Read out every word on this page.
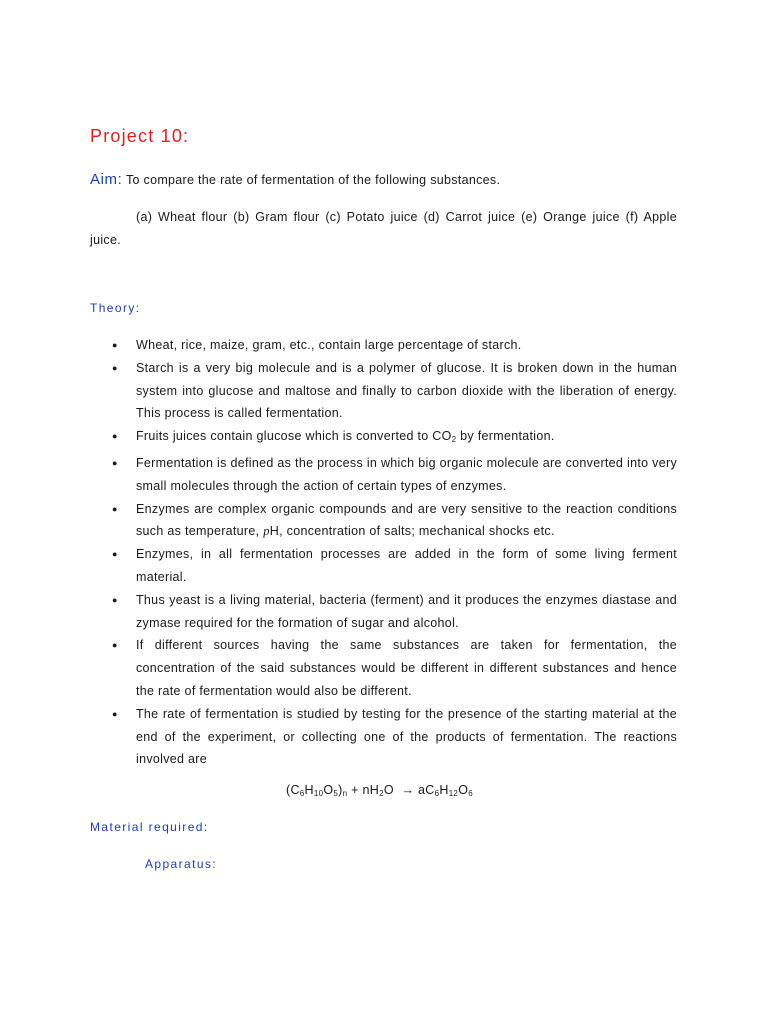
Project 10:
Aim: To compare the rate of fermentation of the following substances.

(a) Wheat flour (b) Gram flour (c) Potato juice (d) Carrot juice (e) Orange juice (f) Apple juice.

Theory:
● Wheat, rice, maize, gram, etc., contain large percentage of starch.
● Starch is a very big molecule and is a polymer of glucose. It is broken down in the human system into glucose and maltose and finally to carbon dioxide with the liberation of energy. This process is called fermentation.
● Fruits juices contain glucose which is converted to $CO_2$ by fermentation.
● Fermentation is defined as the process in which big organic molecule are converted into very small molecules through the action of certain types of enzymes.
● Enzymes are complex organic compounds and are very sensitive to the reaction conditions such as temperature, pH, concentration of salts; mechanical shocks etc.
● Enzymes, in all fermentation processes are added in the form of some living ferment material.
● Thus yeast is a living material, bacteria (ferment) and it produces the enzymes diastase and zymase required for the formation of sugar and alcohol.
● If different sources having the same substances are taken for fermentation, the concentration of the said substances would be different in different substances and hence the rate of fermentation would also be different.
● The rate of fermentation is studied by testing for the presence of the starting material at the end of the experiment, or collecting one of the products of fermentation. The reactions involved are
$(C_6H_{10}O_5)_n + nH_2O \to aC_6H_{12}O_6$
Material required:
Apparatus:
